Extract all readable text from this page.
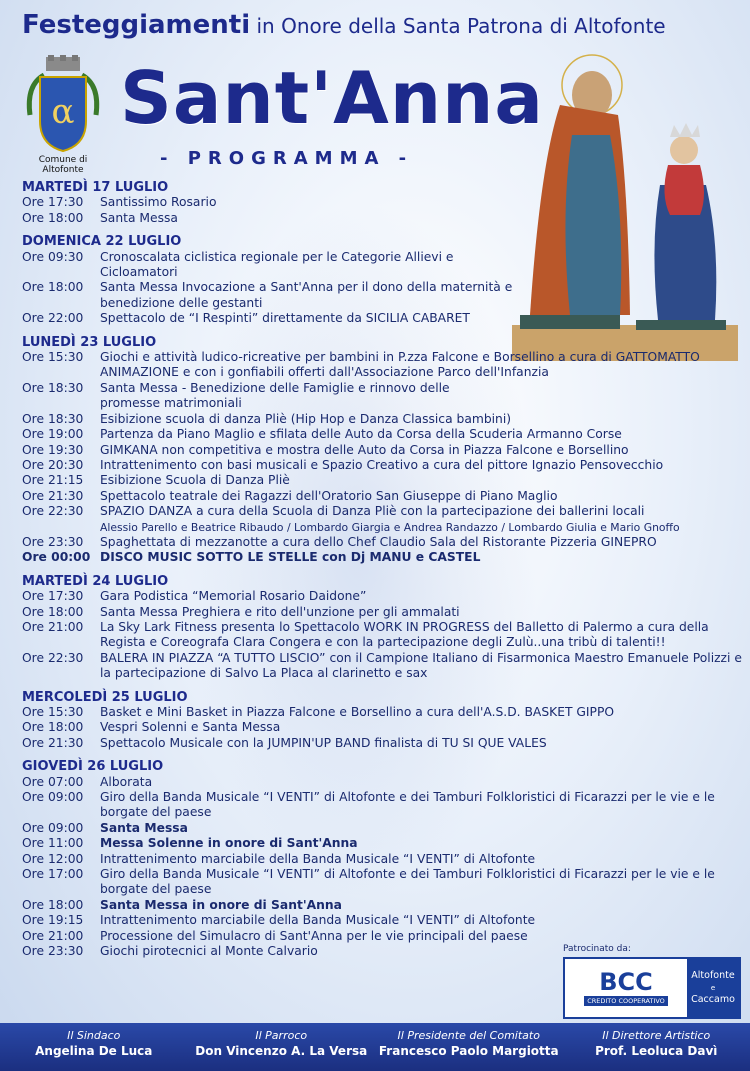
Festeggiamenti in Onore della Santa Patrona di Altofonte
α
Comune di Altofonte
Sant'Anna
- PROGRAMMA -
MARTEDÌ 17 LUGLIO
Ore 17:30	Santissimo Rosario
Ore 18:00	Santa Messa
DOMENICA 22 LUGLIO
Ore 09:30	Cronoscalata ciclistica regionale per le Categorie Allievi e Cicloamatori
Ore 18:00	Santa Messa Invocazione a Sant'Anna per il dono della maternità e benedizione delle gestanti
Ore 22:00	Spettacolo de “I Respinti” direttamente da SICILIA CABARET
LUNEDÌ 23 LUGLIO
Ore 15:30	Giochi e attività ludico-ricreative per bambini in P.zza Falcone e Borsellino a cura di GATTOMATTO ANIMAZIONE e con i gonfiabili offerti dall'Associazione Parco dell'Infanzia
Ore 18:30	Santa Messa - Benedizione delle Famiglie e rinnovo delle promesse matrimoniali
Ore 18:30	Esibizione scuola di danza Pliè (Hip Hop e Danza Classica bambini)
Ore 19:00	Partenza da Piano Maglio e sfilata delle Auto da Corsa della Scuderia Armanno Corse
Ore 19:30	GIMKANA non competitiva e mostra delle Auto da Corsa in Piazza Falcone e Borsellino
Ore 20:30	Intrattenimento con basi musicali e Spazio Creativo a cura del pittore Ignazio Pensovecchio
Ore 21:15	Esibizione Scuola di Danza Pliè
Ore 21:30	Spettacolo teatrale dei Ragazzi dell'Oratorio San Giuseppe di Piano Maglio
Ore 22:30	SPAZIO DANZA a cura della Scuola di Danza Pliè con la partecipazione dei ballerini locali
Alessio Parello e Beatrice Ribaudo / Lombardo Giargia e Andrea Randazzo / Lombardo Giulia e Mario Gnoffo
Ore 23:30	Spaghettata di mezzanotte a cura dello Chef Claudio Sala del Ristorante Pizzeria GINEPRO
Ore 00:00 DISCO MUSIC SOTTO LE STELLE con Dj MANU e CASTEL
MARTEDÌ 24 LUGLIO
Ore 17:30	Gara Podistica “Memorial Rosario Daidone”
Ore 18:00	Santa Messa Preghiera e rito dell'unzione per gli ammalati
Ore 21:00	La Sky Lark Fitness presenta lo Spettacolo WORK IN PROGRESS del Balletto di Palermo a cura della Regista e Coreografa Clara Congera e con la partecipazione degli Zulù..una tribù di talenti!!
Ore 22:30	BALERA IN PIAZZA “A TUTTO LISCIO” con il Campione Italiano di Fisarmonica Maestro Emanuele Polizzi e la partecipazione di Salvo La Placa al clarinetto e sax
MERCOLEDÌ 25 LUGLIO
Ore 15:30	Basket e Mini Basket in Piazza Falcone e Borsellino a cura dell'A.S.D. BASKET GIPPO
Ore 18:00	Vespri Solenni e Santa Messa
Ore 21:30	Spettacolo Musicale con la JUMPIN'UP BAND finalista di TU SI QUE VALES
GIOVEDÌ 26 LUGLIO
Ore 07:00	Alborata
Ore 09:00	Giro della Banda Musicale “I VENTI” di Altofonte e dei Tamburi Folkloristici di Ficarazzi per le vie e le borgate del paese
Ore 09:00	Santa Messa
Ore 11:00	Messa Solenne in onore di Sant'Anna
Ore 12:00	Intrattenimento marciabile della Banda Musicale “I VENTI” di Altofonte
Ore 17:00	Giro della Banda Musicale “I VENTI” di Altofonte e dei Tamburi Folkloristici di Ficarazzi per le vie e le borgate del paese
Ore 18:00	Santa Messa in onore di Sant'Anna
Ore 19:15	Intrattenimento marciabile della Banda Musicale “I VENTI” di Altofonte
Ore 21:00	Processione del Simulacro di Sant'Anna per le vie principali del paese
Ore 23:30	Giochi pirotecnici al Monte Calvario	Patrocinato da:
BCC
CREDITO COOPERATIVO
Altofonte
e
Caccamo
Il Sindaco
Angelina De Luca
Il Parroco
Don Vincenzo A. La Versa
Il Presidente del Comitato
Francesco Paolo Margiotta
Il Direttore Artistico
Prof. Leoluca Davì
